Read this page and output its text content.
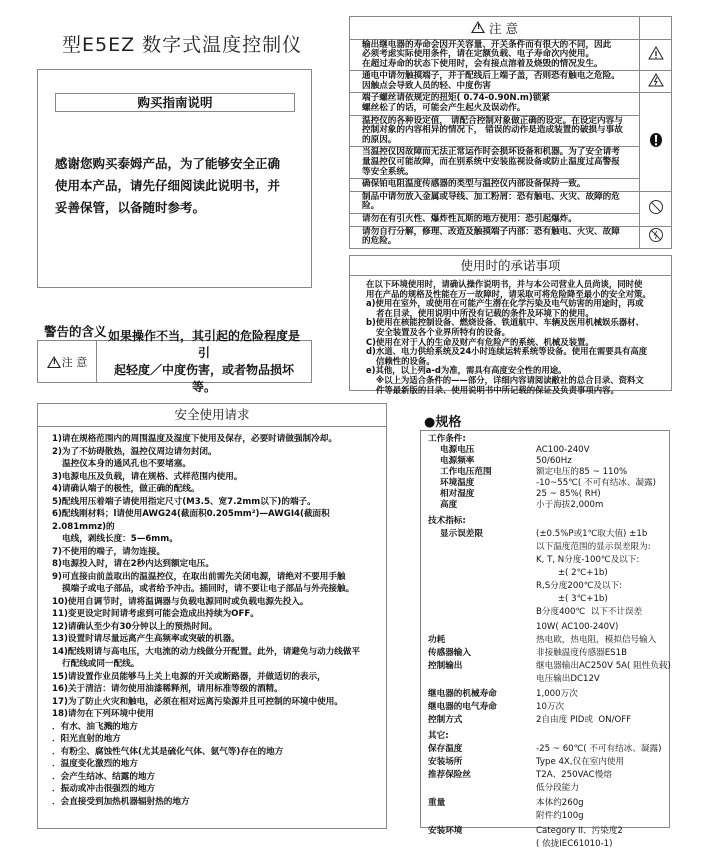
型E5EZ 数字式温度控制仪
购买指南说明
感谢您购买泰姆产品，为了能够安全正确
使用本产品，请先仔细阅读此说明书，并
妥善保管，以备随时参考。
警告的含义
! 注 意
如果操作不当，其引起的危险程度是引
起轻度／中度伤害，或者物品损坏等。
! 注 意	

输出继电器的寿命会因开关容量、开关条件而有很大的不同，因此
必须考虑实际使用条件，请在定额负载、电子寿命次内使用。
在超过寿命的状态下使用时，会有接点溶着及烧毁的情况发生。

通电中请勿触摸端子，并于配线后上端子盖，否则恐有触电之危险。
因触点会导致人员的轻、中度伤害

端子螺丝请依规定的扭矩( 0.74-0.90N.m)锁紧
螺丝松了的话，可能会产生起火及误动作。

温控仪的各种设定值， 请配合控制对象做正确的设定。在设定内容与
控制对象的内容相异的情况下， 错误的动作是造成装置的破损与事故
的原因。	

当温控仪因故障而无法正常运作时会损坏设备和机器。为了安全请考
量温控仪可能故障，而在别系统中安装监视设备或防止温度过高警报
等安全系统。	

确保铂电阻温度传感器的类型与温控仪内部设备保持一致。	

制品中请勿放入金属或导线、加工粉屑：恐有触电、火灾、故障的危险。

请勿在有引火性、爆炸性瓦斯的地方使用：恐引起爆炸。	

请勿自行分解，修理、改造及触摸端子内部：恐有触电、火灾、故障
的危险。

使用时的承诺事项
在以下环境使用时，请确认操作说明书，并与本公司营业人员尚谈，同时使
用在产品的规格及性能在万一故障时，请采取可将危险降至最小的安全对策。
a)使用在室外，或使用在可能产生潜在化学污染及电气妨害的用途时，再或
者在目录，使用说明中所没有记载的条件及环境下的使用。
b)使用在核能控制设备、燃烧设备、铁道航中、车辆及医用机械娱乐器材、
安全装置及各个业界所特有的设备。
C)使用在对于人的生命及财产有危险产的系统、机械及装置。
d)水道、电力供给系统及24小时连续运转系统等设备。使用在需要具有高度
信赖性的设备。
e)其他，以上列a-d为准，需具有高度安全性的用途。
※以上为适合条件的——部分，详细内容请阅读敝社的总合目录、资料文
件等最新版的目录、使用说明书中所记载的保证及负责事项内容。
安全使用请求
1)请在规格范围内的周围温度及湿度下使用及保存，必要时请做强制冷却。
2)为了不妨碍散热，温控仪周边请勿封闭。
温控仪本身的通风孔也不要堵塞。
3)电源电压及负载，请在规格、式样范围内使用。
4)请确认端子的极性，做正确的配线。
5)配线用压着端子请使用指定尺寸(M3.5、宽7.2mm以下)的端子。
6)配线刚材料；l请使用AWG24(截面积0.205mm²)—AWGI4(截面积 2.081mmz)的
电线，剥线长度：5—6mm。
7)不使用的端子，请勿连接。
8)电源投入时，请在2秒内达到额定电压。
9)可直接由前盖取出的温温控仪，在取出前需先关闭电源，请绝对不要用手触
摸端子或电子部品，或者给予冲击。插回时，请不要让电子部品与外壳接触。
10)使用自调节时，请将温调器与负载电源同时或负载电源先投入。
11)变更设定时间请考虑到可能会造成出持续为OFF。
12)请确认至少有30分钟以上的预热时间。
13)设置时请尽量远离产生高频率或突破的机器。
14)配线则请与高电压，大电流的动力线做分开配置。此外，请避免与动力线做平
行配线或同一配线。
15)请设置作业员能够马上关上电源的开关或断路器，并做适切的表示，
16)关于清洁：请勿使用油漆稀释剂，请用标准等级的酒精。
17)为了防止火灾和触电，必须在相对远离污染源并且可控制的环境中使用。
18)请勿在下列环境中使用
．有水、油飞溅的地方
．阳光直射的地方
．有粉尘、腐蚀性气体(尤其是硫化气体、氨气等)存在的地方
．温度变化激烈的地方
．会产生结冰、结露的地方
．振动或冲击很强烈的地方
．会直接受到加热机器辐射热的地方
●规格
工作条件:
电源电压	AC100-240V
电源频率	50/60Hz
工作电压范围	额定电压的85 ~ 110%
环境温度	-10~55℃( 不可有结冰、凝露)
相对湿度	25 ~ 85%( RH)
高度	小于海拔2,000m
技术指标:
显示误差限	(±0.5%P或1℃取大值) ±1b
以下温度范围的显示误差限为:
K, T, N分度-100℃及以下:
±( 2℃+1b)
R,S分度200℃及以下:
±( 3℃+1b)
B分度400℃  以下不计误差
10W( AC100-240V)
功耗	热电欧，热电阻，模拟信号输入
传感器输入	非接触温度传感器ES1B
控制输出	继电器输出AC250V 5A( 阻性负载)
电压输出DC12V
继电器的机械寿命	1,000万次
继电器的电气寿命	10万次
控制方式	2自由度 PID或  ON/OFF
其它:
保存温度	-25 ~ 60℃( 不可有结冰、凝露)
安装场所	Type 4X,仅在室内使用
推荐保险丝	T2A、250VAC慢熔
低分段能力
重量	本体约260g
附件约100g
安装环境	Category II、污染度2
( 依拢IEC61010-1)
